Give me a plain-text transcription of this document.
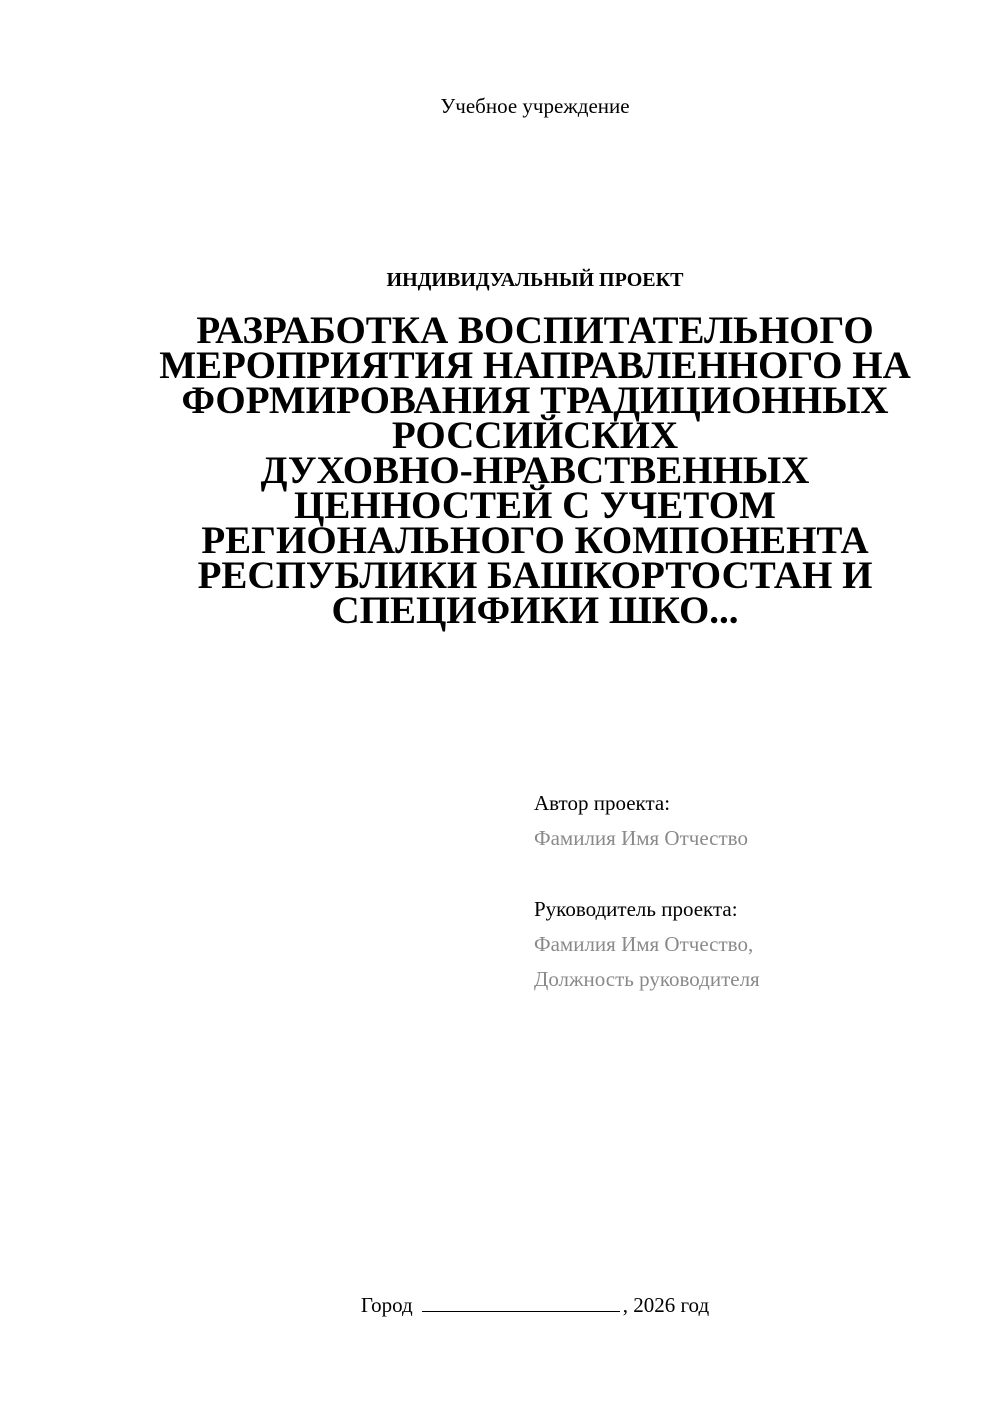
Учебное учреждение
ИНДИВИДУАЛЬНЫЙ ПРОЕКТ
РАЗРАБОТКА ВОСПИТАТЕЛЬНОГО
МЕРОПРИЯТИЯ НАПРАВЛЕННОГО НА
ФОРМИРОВАНИЯ ТРАДИЦИОННЫХ
РОССИЙСКИХ
ДУХОВНО-НРАВСТВЕННЫХ
ЦЕННОСТЕЙ С УЧЕТОМ
РЕГИОНАЛЬНОГО КОМПОНЕНТА
РЕСПУБЛИКИ БАШКОРТОСТАН И
СПЕЦИФИКИ ШКО...
Автор проекта:
Фамилия Имя Отчество
Руководитель проекта:
Фамилия Имя Отчество,
Должность руководителя
Город	, 2026 год
